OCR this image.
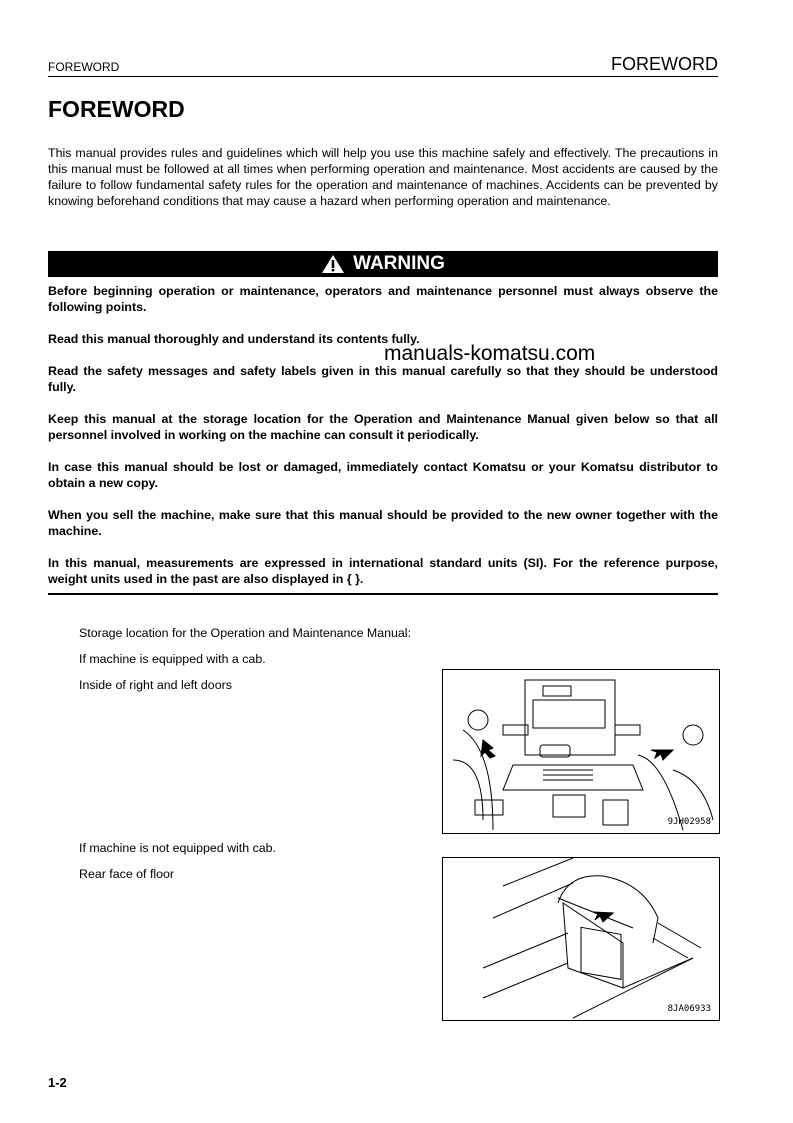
FOREWORD	FOREWORD
FOREWORD
This manual provides rules and guidelines which will help you use this machine safely and effectively. The precautions in this manual must be followed at all times when performing operation and maintenance. Most accidents are caused by the failure to follow fundamental safety rules for the operation and maintenance of machines. Accidents can be prevented by knowing beforehand conditions that may cause a hazard when performing operation and maintenance.
WARNING
Before beginning operation or maintenance, operators and maintenance personnel must always observe the following points.
Read this manual thoroughly and understand its contents fully.
Read the safety messages and safety labels given in this manual carefully so that they should be understood fully.
Keep this manual at the storage location for the Operation and Maintenance Manual given below so that all personnel involved in working on the machine can consult it periodically.
In case this manual should be lost or damaged, immediately contact Komatsu or your Komatsu distributor to obtain a new copy.
When you sell the machine, make sure that this manual should be provided to the new owner together with the machine.
In this manual, measurements are expressed in international standard units (SI). For the reference purpose, weight units used in the past are also displayed in { }.
manuals-komatsu.com
Storage location for the Operation and Maintenance Manual:
If machine is equipped with a cab.
Inside of right and left doors
If machine is not equipped with cab.
Rear face of floor
9JH02958
8JA06933
1-2
